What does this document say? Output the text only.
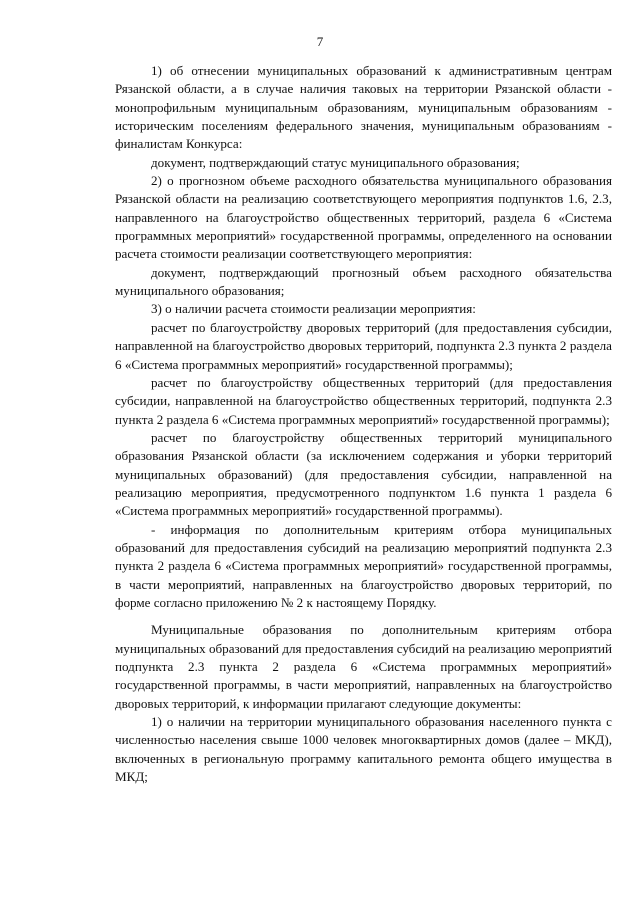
7

1) об отнесении муниципальных образований к административным центрам Рязанской области, а в случае наличия таковых на территории Рязанской области - монопрофильным муниципальным образованиям, муниципальным образованиям - историческим поселениям федерального значения, муниципальным образованиям - финалистам Конкурса:

документ, подтверждающий статус муниципального образования;

2) о прогнозном объеме расходного обязательства муниципального образования Рязанской области на реализацию соответствующего мероприятия подпунктов 1.6, 2.3, направленного на благоустройство общественных территорий, раздела 6 «Система программных мероприятий» государственной программы, определенного на основании расчета стоимости реализации соответствующего мероприятия:

документ, подтверждающий прогнозный объем расходного обязательства муниципального образования;

3) о наличии расчета стоимости реализации мероприятия:

расчет по благоустройству дворовых территорий (для предоставления субсидии, направленной на благоустройство дворовых территорий, подпункта 2.3 пункта 2 раздела 6 «Система программных мероприятий» государственной программы);

расчет по благоустройству общественных территорий (для предоставления субсидии, направленной на благоустройство общественных территорий, подпункта 2.3 пункта 2 раздела 6 «Система программных мероприятий» государственной программы);

расчет по благоустройству общественных территорий муниципального образования Рязанской области (за исключением содержания и уборки территорий муниципальных образований) (для предоставления субсидии, направленной на реализацию мероприятия, предусмотренного подпунктом 1.6 пункта 1 раздела 6 «Система программных мероприятий» государственной программы).

- информация по дополнительным критериям отбора муниципальных образований для предоставления субсидий на реализацию мероприятий подпункта 2.3 пункта 2 раздела 6 «Система программных мероприятий» государственной программы, в части мероприятий, направленных на благоустройство дворовых территорий, по форме согласно приложению № 2 к настоящему Порядку.

Муниципальные образования по дополнительным критериям отбора муниципальных образований для предоставления субсидий на реализацию мероприятий подпункта 2.3 пункта 2 раздела 6 «Система программных мероприятий» государственной программы, в части мероприятий, направленных на благоустройство дворовых территорий, к информации прилагают следующие документы:

1) о наличии на территории муниципального образования населенного пункта с численностью населения свыше 1000 человек многоквартирных домов (далее – МКД), включенных в региональную программу капитального ремонта общего имущества в МКД;
